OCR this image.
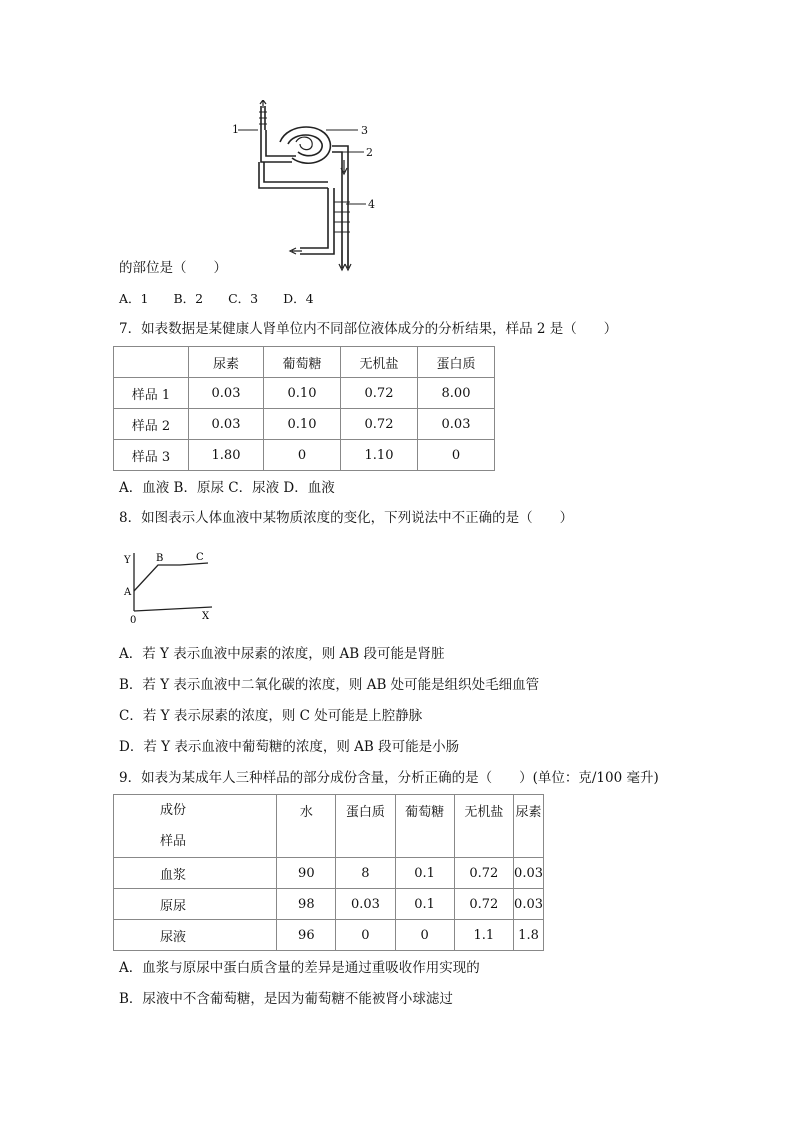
1	3
2
4
的部位是（　　）
A．1　　B．2　　C．3　　D．4
7．如表数据是某健康人肾单位内不同部位液体成分的分析结果，样品 2 是（　　）
	尿素	葡萄糖	无机盐	蛋白质
样品 1	0.03	0.10	0.72	8.00
样品 2	0.03	0.10	0.72	0.03
样品 3	1.80	0	1.10	0
A．血液 B．原尿 C．尿液 D．血液
8．如图表示人体血液中某物质浓度的变化，下列说法中不正确的是（　　）
Y
A
B	C
0	X
A．若 Y 表示血液中尿素的浓度，则 AB 段可能是肾脏
B．若 Y 表示血液中二氧化碳的浓度，则 AB 处可能是组织处毛细血管
C．若 Y 表示尿素的浓度，则 C 处可能是上腔静脉
D．若 Y 表示血液中葡萄糖的浓度，则 AB 段可能是小肠
9．如表为某成年人三种样品的部分成份含量，分析正确的是（　　）(单位：克/100 毫升)
成份
样品	水	蛋白质	葡萄糖	无机盐	尿素
血浆	90	8	0.1	0.72	0.03
原尿	98	0.03	0.1	0.72	0.03
尿液	96	0	0	1.1	1.8
A．血浆与原尿中蛋白质含量的差异是通过重吸收作用实现的
B．尿液中不含葡萄糖，是因为葡萄糖不能被肾小球滤过
